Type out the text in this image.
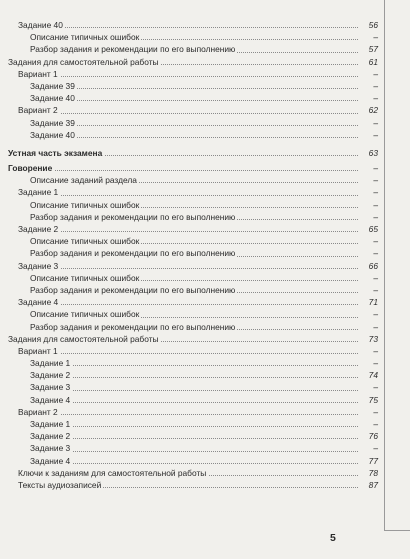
Задание 40	56
Описание типичных ошибок	–
Разбор задания и рекомендации по его выполнению	57
Задания для самостоятельной работы	61
Вариант 1	–
Задание 39	–
Задание 40	–
Вариант 2	62
Задание 39	–
Задание 40	–
Устная часть экзамена	63
Говорение	–
Описание заданий раздела	–
Задание 1	–
Описание типичных ошибок	–
Разбор задания и рекомендации по его выполнению	–
Задание 2	65
Описание типичных ошибок	–
Разбор задания и рекомендации по его выполнению	–
Задание 3	66
Описание типичных ошибок	–
Разбор задания и рекомендации по его выполнению	–
Задание 4	71
Описание типичных ошибок	–
Разбор задания и рекомендации по его выполнению	–
Задания для самостоятельной работы	73
Вариант 1	–
Задание 1	–
Задание 2	74
Задание 3	–
Задание 4	75
Вариант 2	–
Задание 1	–
Задание 2	76
Задание 3	–
Задание 4	77
Ключи к заданиям для самостоятельной работы	78
Тексты аудиозаписей	87
5
